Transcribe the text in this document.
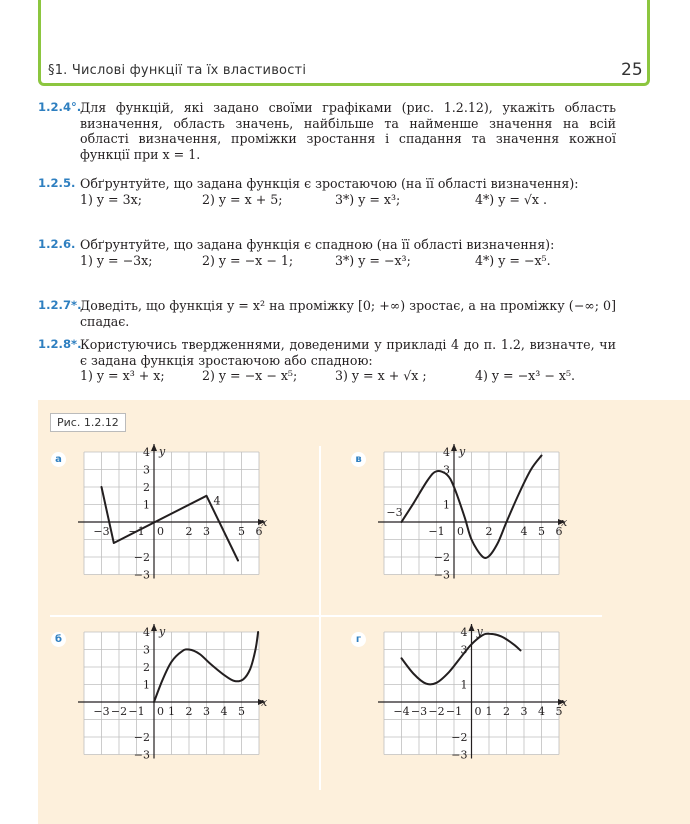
§1. Числові функції та їх властивості	25
1.2.4°.
Для функцій, які задано своїми графіками (рис. 1.2.12), укажіть область визначення, область значень, найбільше та найменше значення на всій області визначення, проміжки зростання і спадання та значення кожної функції при x = 1.
1.2.5. Обґрунтуйте, що задана функція є зростаючою (на її області визначення):
1) y = 3x;	2) y = x + 5;	3*) y = x³;	4*) y = √x .
1.2.6. Обґрунтуйте, що задана функція є спадною (на її області визначення):
1) y = −3x;	2) y = −x − 1;	3*) y = −x³;	4*) y = −x⁵.
1.2.7*.
Доведіть, що функція y = x² на проміжку [0; +∞) зростає, а на проміжку (−∞; 0] спадає.
1.2.8*.
Користуючись твердженнями, доведеними у прикладі 4 до п. 1.2, визначте, чи є задана функція зростаючою або спадною:
1) y = x³ + x;	2) y = −x − x⁵;	3) y = x + √x ;	4) y = −x³ − x⁵.
Рис. 1.2.12
а
б
в
г
x
y
0
−3 −1	2 3	5 6
4
3
2
1
−2
−3
4
x
y
0
−3 −2 −1 1 2 3 4 5
4
3
2
1
−2
−3
x
y
0
−1	2	4 5 6
4
3
1
−2
−3
−3
x
y
0
−4 −3 −2 −1 1 2 3 4 5
4
3
1
−2
−3
